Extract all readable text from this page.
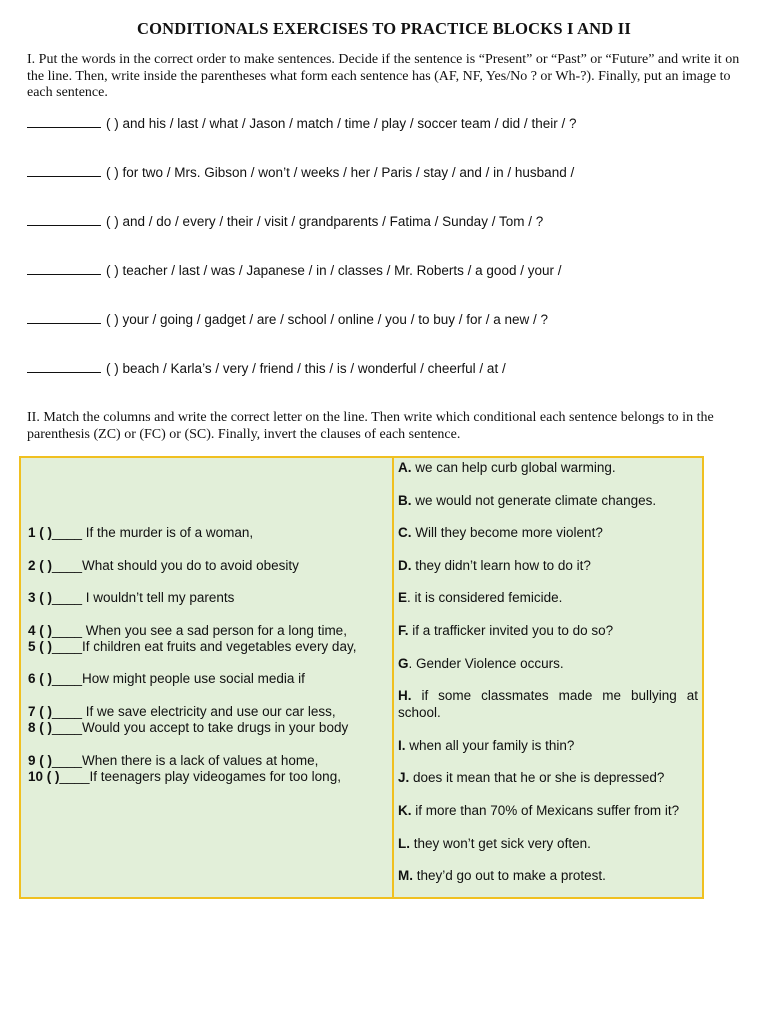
CONDITIONALS EXERCISES TO PRACTICE BLOCKS I AND II
I. Put the words in the correct order to make sentences. Decide if the sentence is “Present” or “Past” or “Future” and write it on the line. Then, write inside the parentheses what form each sentence has (AF, NF, Yes/No ? or Wh-?). Finally, put an image to each sentence.
( ) and his / last / what / Jason / match / time / play / soccer team / did / their / ?
( ) for two / Mrs. Gibson / won’t / weeks / her / Paris / stay / and / in / husband /
( ) and / do / every / their / visit / grandparents / Fatima / Sunday / Tom / ?
( ) teacher / last / was / Japanese / in / classes / Mr. Roberts / a good / your /
( ) your / going / gadget / are / school / online / you / to buy / for / a new / ?
( ) beach / Karla’s / very / friend / this / is / wonderful / cheerful / at /
II. Match the columns and write the correct letter on the line. Then write which conditional each sentence belongs to in the parenthesis (ZC) or (FC) or (SC). Finally, invert the clauses of each sentence.
1 ( )____ If the murder is of a woman,
2 ( )____What should you do to avoid obesity
3 ( )____ I wouldn’t tell my parents
4 ( )____ When you see a sad person for a long time,
5 ( )____If children eat fruits and vegetables every day,
6 ( )____How might people use social media if
7 ( )____ If we save electricity and use our car less,
8 ( )____Would you accept to take drugs in your body
9 ( )____When there is a lack of values at home,
10 ( )____If teenagers play videogames for too long,
A. we can help curb global warming.
B. we would not generate climate changes.
C. Will they become more violent?
D. they didn’t learn how to do it?
E. it is considered femicide.
F. if a trafficker invited you to do so?
G. Gender Violence occurs.
H. if some classmates made me bullying at school.
I. when all your family is thin?
J. does it mean that he or she is depressed?
K. if more than 70% of Mexicans suffer from it?
L. they won’t get sick very often.
M. they’d go out to make a protest.
